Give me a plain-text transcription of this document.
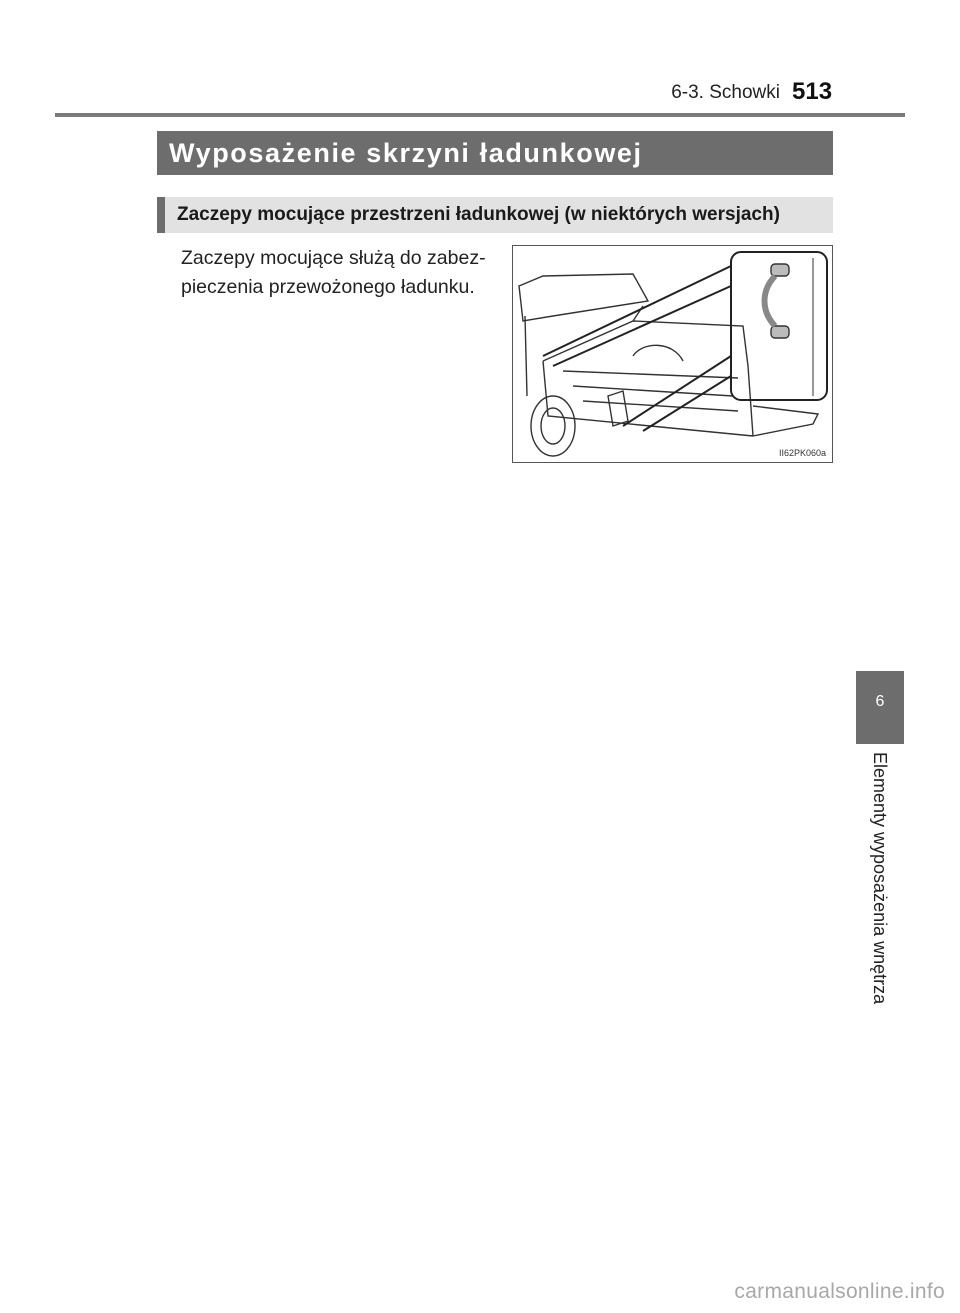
6-3. Schowki 513
Wyposażenie skrzyni ładunkowej
Zaczepy mocujące przestrzeni ładunkowej (w niektórych wersjach)
Zaczepy mocujące służą do zabez-pieczenia przewożonego ładunku.
II62PK060a
6
Elementy wyposażenia wnętrza
carmanualsonline.info
